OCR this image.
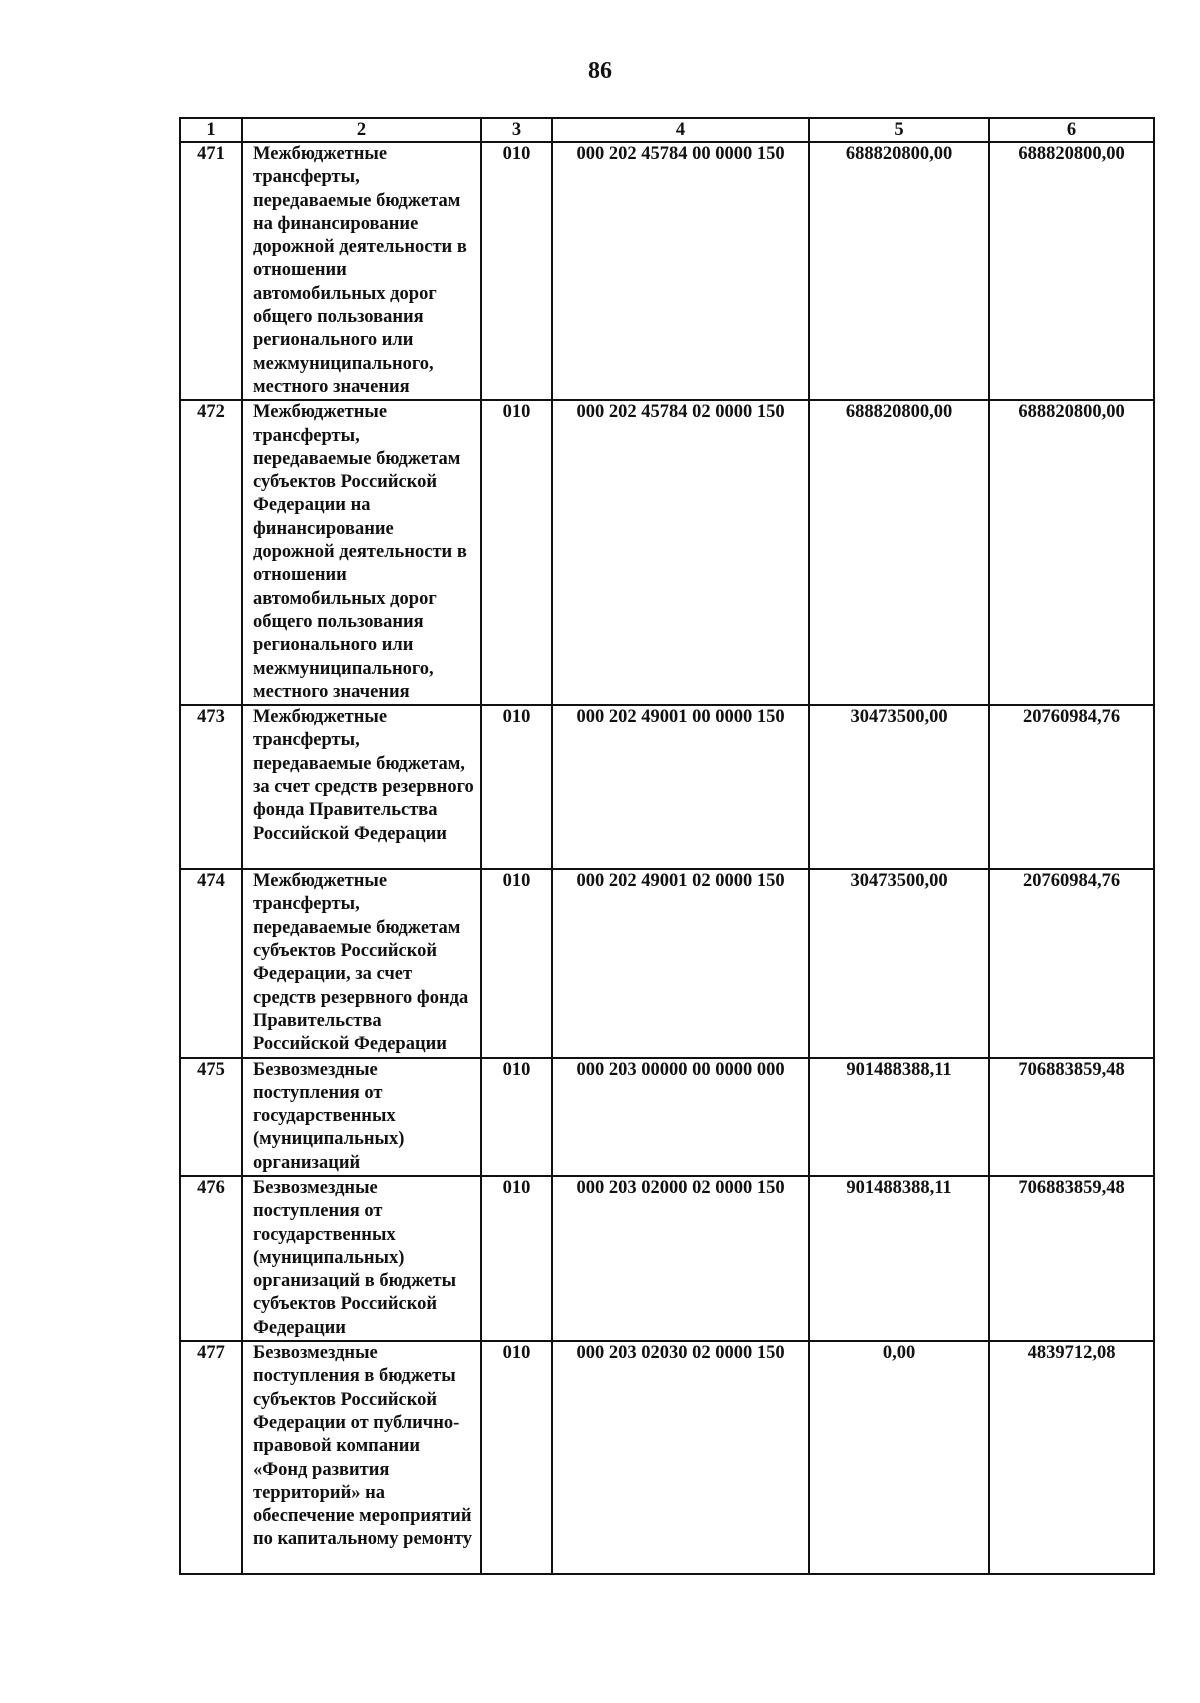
86
1	2	3	4	5	6
471	Межбюджетные трансферты, передаваемые бюджетам на финансирование дорожной деятельности в отношении автомобильных дорог общего пользования регионального или межмуниципального, местного значения	010	000 202 45784 00 0000 150	688820800,00	688820800,00
472	Межбюджетные трансферты, передаваемые бюджетам субъектов Российской Федерации на финансирование дорожной деятельности в отношении автомобильных дорог общего пользования регионального или межмуниципального, местного значения	010	000 202 45784 02 0000 150	688820800,00	688820800,00
473	Межбюджетные трансферты, передаваемые бюджетам, за счет средств резервного фонда Правительства Российской Федерации	010	000 202 49001 00 0000 150	30473500,00	20760984,76
474	Межбюджетные трансферты, передаваемые бюджетам субъектов Российской Федерации, за счет средств резервного фонда Правительства Российской Федерации	010	000 202 49001 02 0000 150	30473500,00	20760984,76
475	Безвозмездные поступления от государственных (муниципальных) организаций	010	000 203 00000 00 0000 000	901488388,11	706883859,48
476	Безвозмездные поступления от государственных (муниципальных) организаций в бюджеты субъектов Российской Федерации	010	000 203 02000 02 0000 150	901488388,11	706883859,48
477	Безвозмездные поступления в бюджеты субъектов Российской Федерации от публичнo-правовой компании «Фонд развития территорий» на обеспечение мероприятий по капитальному ремонту	010	000 203 02030 02 0000 150	0,00	4839712,08
